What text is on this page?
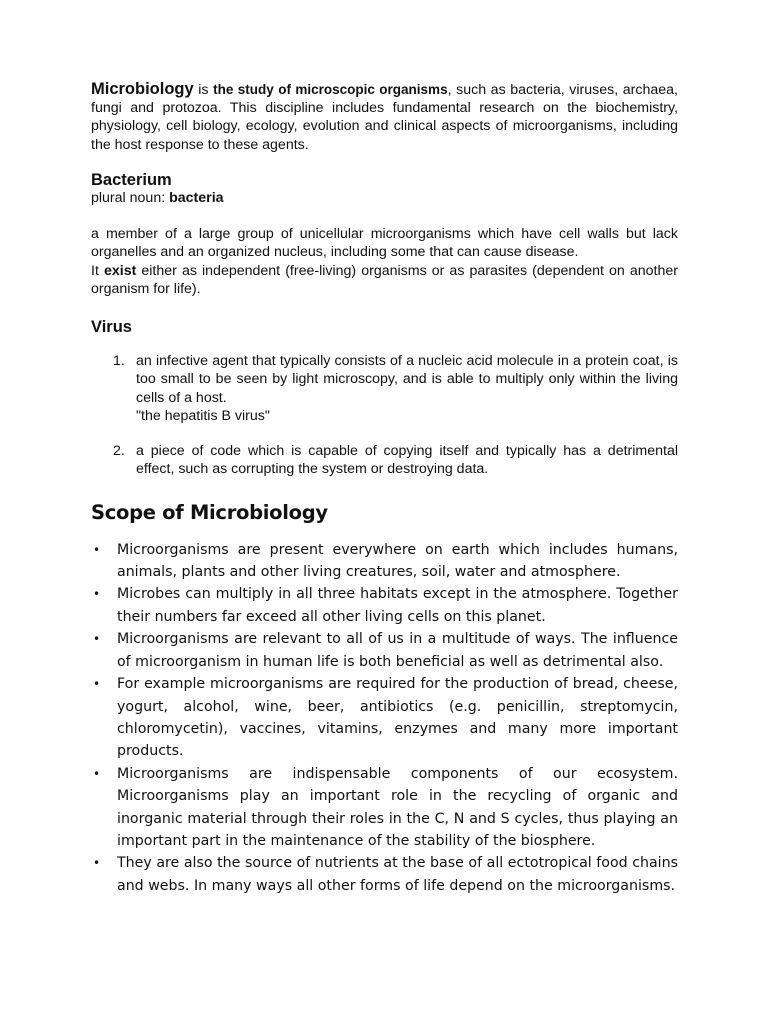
Microbiology is the study of microscopic organisms, such as bacteria, viruses, archaea, fungi and protozoa. This discipline includes fundamental research on the biochemistry, physiology, cell biology, ecology, evolution and clinical aspects of microorganisms, including the host response to these agents.

Bacterium

plural noun: bacteria

a member of a large group of unicellular microorganisms which have cell walls but lack organelles and an organized nucleus, including some that can cause disease.

It exist either as independent (free-living) organisms or as parasites (dependent on another organism for life).

Virus
1. an infective agent that typically consists of a nucleic acid molecule in a protein coat, is too small to be seen by light microscopy, and is able to multiply only within the living cells of a host.
"the hepatitis B virus"
2. a piece of code which is capable of copying itself and typically has a detrimental effect, such as corrupting the system or destroying data.
Scope of Microbiology
• Microorganisms are present everywhere on earth which includes humans, animals, plants and other living creatures, soil, water and atmosphere.
• Microbes can multiply in all three habitats except in the atmosphere. Together their numbers far exceed all other living cells on this planet.
• Microorganisms are relevant to all of us in a multitude of ways. The influence of microorganism in human life is both beneficial as well as detrimental also.
• For example microorganisms are required for the production of bread, cheese, yogurt, alcohol, wine, beer, antibiotics (e.g. penicillin, streptomycin, chloromycetin), vaccines, vitamins, enzymes and many more important products.
• Microorganisms are indispensable components of our ecosystem. Microorganisms play an important role in the recycling of organic and inorganic material through their roles in the C, N and S cycles, thus playing an important part in the maintenance of the stability of the biosphere.
• They are also the source of nutrients at the base of all ectotropical food chains and webs. In many ways all other forms of life depend on the microorganisms.
